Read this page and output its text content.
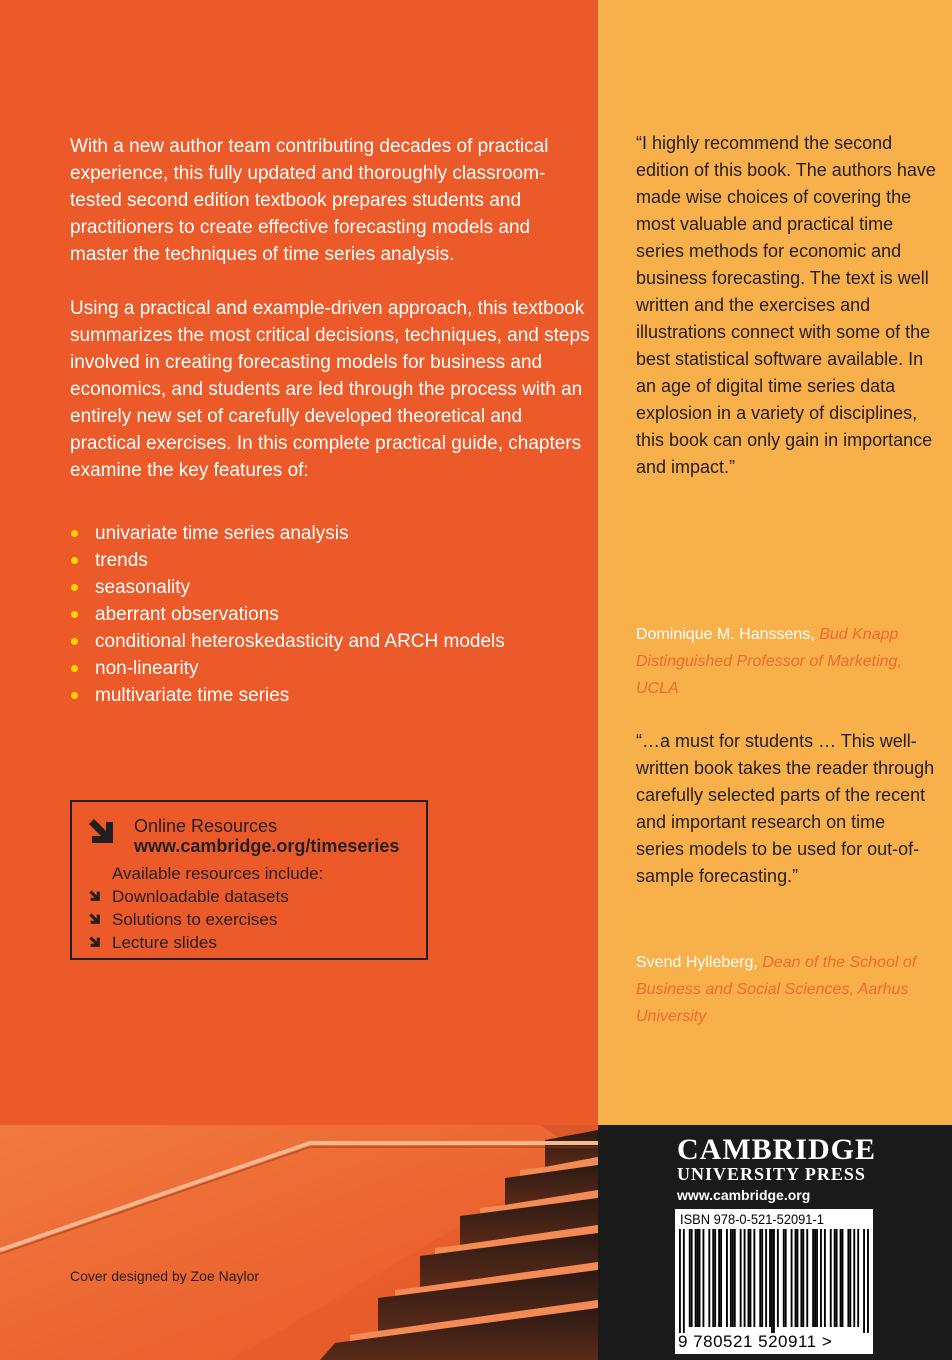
With a new author team contributing decades of practical experience, this fully updated and thoroughly classroom-tested second edition textbook prepares students and practitioners to create effective forecasting models and master the techniques of time series analysis.

Using a practical and example-driven approach, this textbook summarizes the most critical decisions, techniques, and steps involved in creating forecasting models for business and economics, and students are led through the process with an entirely new set of carefully developed theoretical and practical exercises. In this complete practical guide, chapters examine the key features of:

univariate time series analysis
trends
seasonality
aberrant observations
conditional heteroskedasticity and ARCH models
non-linearity
multivariate time series
Online Resources
www.cambridge.org/timeseries
Available resources include:
Downloadable datasets
Solutions to exercises
Lecture slides

“I highly recommend the second edition of this book. The authors have made wise choices of covering the most valuable and practical time series methods for economic and business forecasting. The text is well written and the exercises and illustrations connect with some of the best statistical software available. In an age of digital time series data explosion in a variety of disciplines, this book can only gain in importance and impact.”

Dominique M. Hanssens, Bud Knapp Distinguished Professor of Marketing, UCLA

“…a must for students … This well-written book takes the reader through carefully selected parts of the recent and important research on time series models to be used for out-of-sample forecasting.”

Svend Hylleberg, Dean of the School of Business and Social Sciences, Aarhus University

Cover designed by Zoe Naylor
CAMBRIDGE
UNIVERSITY PRESS
www.cambridge.org
ISBN 978-0-521-52091-1
9 780521 520911 >
